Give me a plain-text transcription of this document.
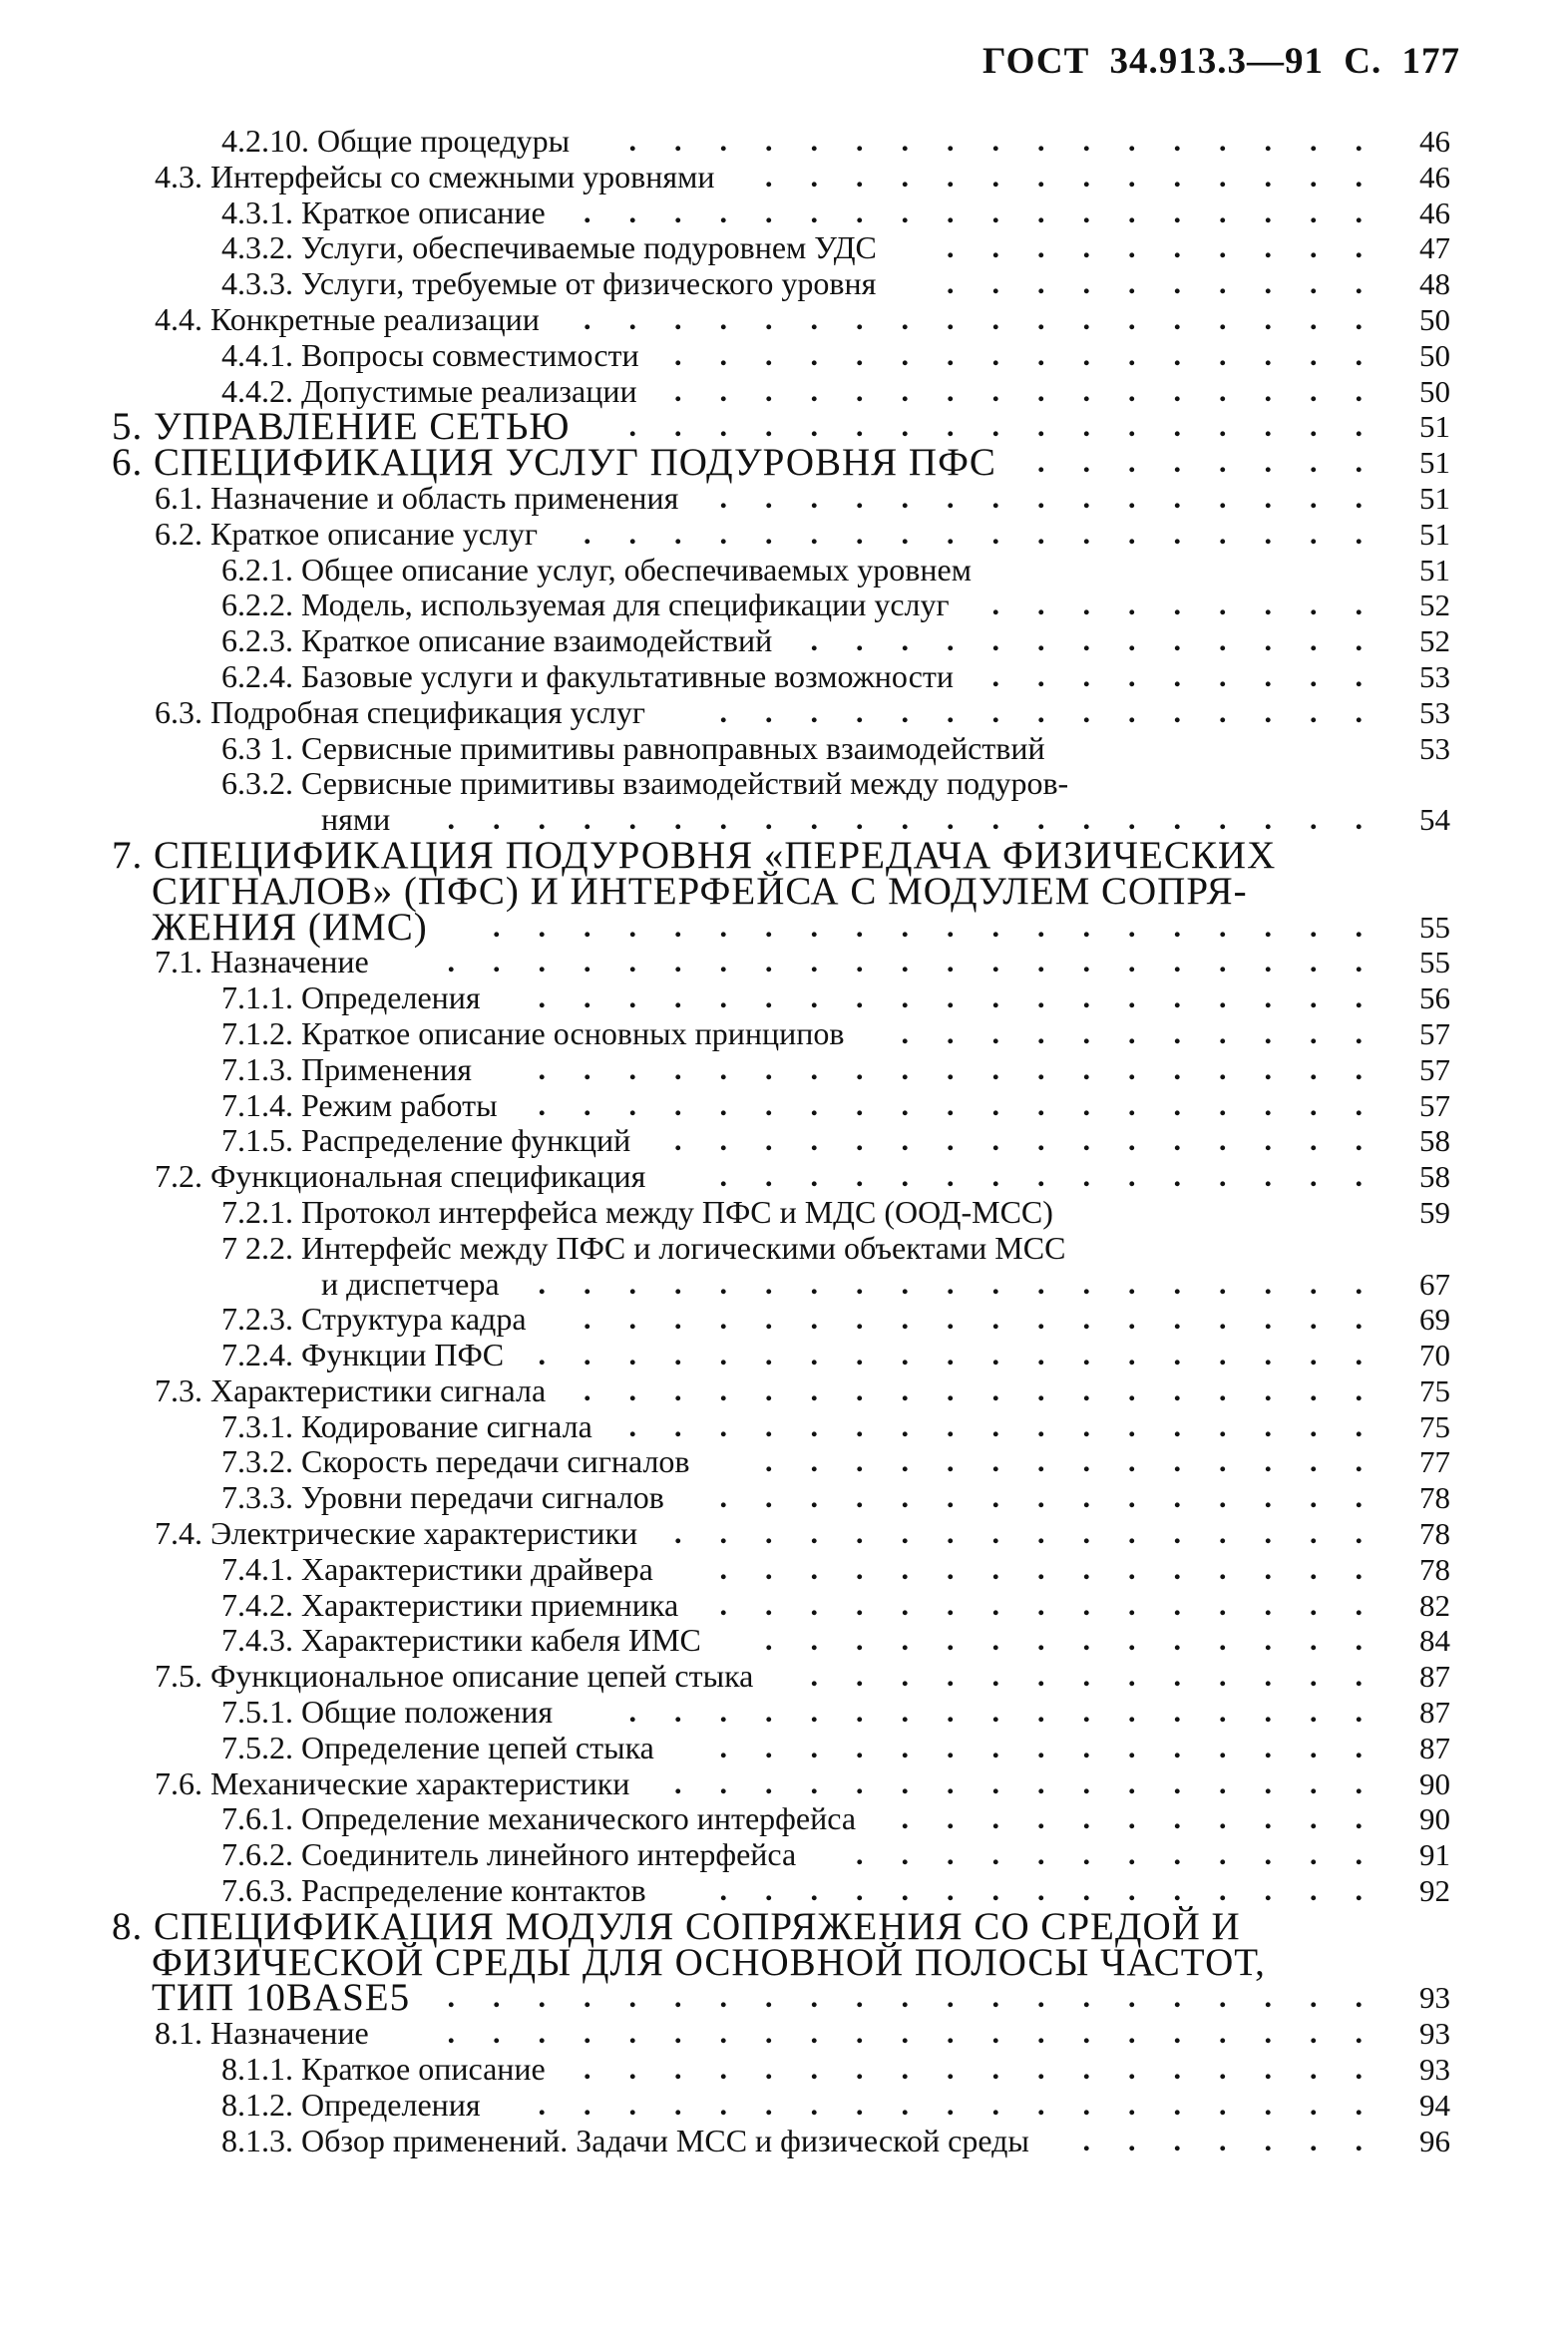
ГОСТ 34.913.3—91 С. 177
4.2.10. Общие процедуры ................. 46
4.3. Интерфейсы со смежными уровнями .............. 46
4.3.1. Краткое описание .................. 46
4.3.2. Услуги, обеспечиваемые подуровнем УДС .......... 47
4.3.3. Услуги, требуемые от физического уровня .......... 48
4.4. Конкретные реализации .................. 50
4.4.1. Вопросы совместимости ................ 50
4.4.2. Допустимые реализации ................ 50
5. УПРАВЛЕНИЕ СЕТЬЮ ................. 51
6. СПЕЦИФИКАЦИЯ УСЛУГ ПОДУРОВНЯ ПФС ........ 51
6.1. Назначение и область применения ............... 51
6.2. Краткое описание услуг .................. 51
6.2.1. Общее описание услуг, обеспечиваемых уровнем	51
6.2.2. Модель, используемая для спецификации услуг ......... 52
6.2.3. Краткое описание взаимодействий ............. 52
6.2.4. Базовые услуги и факультативные возможности ......... 53
6.3. Подробная спецификация услуг ............... 53
6.3 1. Сервисные примитивы равноправных взаимодействий	53
6.3.2. Сервисные примитивы взаимодействий между подуров-
нями ..................... 54
7. СПЕЦИФИКАЦИЯ ПОДУРОВНЯ «ПЕРЕДАЧА ФИЗИЧЕСКИХ
СИГНАЛОВ» (ПФС) И ИНТЕРФЕЙСА С МОДУЛЕМ СОПРЯ-
ЖЕНИЯ (ИМС) .................... 55
7.1. Назначение	..................... 55
7.1.1. Определения ................... 56
7.1.2. Краткое описание основных принципов ........... 57
7.1.3. Применения ................... 57
7.1.4. Режим работы ................... 57
7.1.5. Распределение функций ................ 58
7.2. Функциональная спецификация ............... 58
7.2.1. Протокол интерфейса между ПФС и МДС (ООД-МСС)	59
7 2.2. Интерфейс между ПФС и логическими объектами МСС
и диспетчера ................... 67
7.2.3. Структура кадра .................. 69
7.2.4. Функции ПФС ................... 70
7.3. Характеристики сигнала .................. 75
7.3.1. Кодирование сигнала ................. 75
7.3.2. Скорость передачи сигналов	.............. 77
7.3.3. Уровни передачи сигналов ............... 78
7.4. Электрические характеристики ................ 78
7.4.1. Характеристики драйвера ............... 78
7.4.2. Характеристики приемника ............... 82
7.4.3. Характеристики кабеля ИМС .............. 84
7.5. Функциональное описание цепей стыка ............. 87
7.5.1. Общие положения	................. 87
7.5.2. Определение цепей стыка ............... 87
7.6. Механические характеристики ................ 90
7.6.1. Определение механического интерфейса ........... 90
7.6.2. Соединитель линейного интерфейса ............ 91
7.6.3. Распределение контактов ............... 92
8. СПЕЦИФИКАЦИЯ МОДУЛЯ СОПРЯЖЕНИЯ СО СРЕДОЙ И
ФИЗИЧЕСКОЙ СРЕДЫ ДЛЯ ОСНОВНОЙ ПОЛОСЫ ЧАСТОТ,
ТИП 10BASE5 ..................... 93
8.1. Назначение	..................... 93
8.1.1. Краткое описание .................. 93
8.1.2. Определения ................... 94
8.1.3. Обзор применений. Задачи МСС и физической среды ....... 96
